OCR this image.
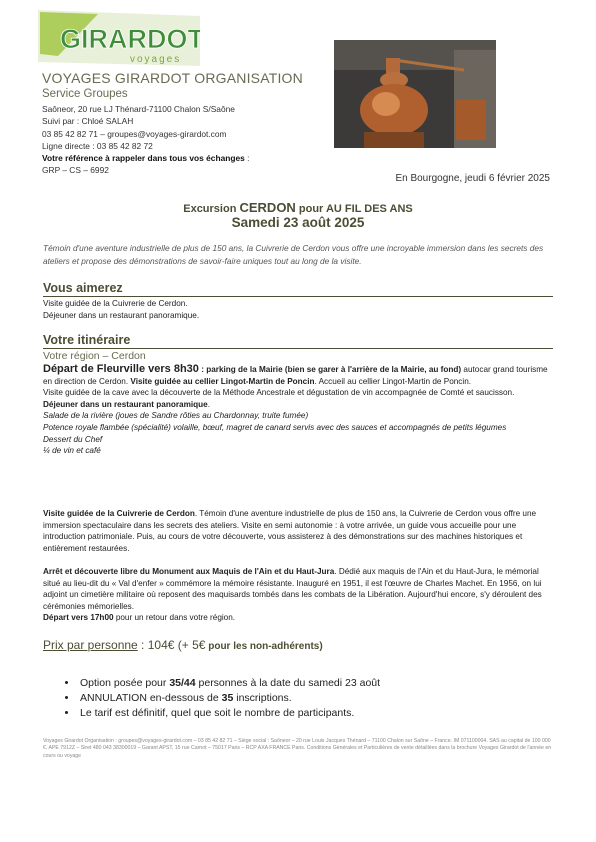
GIRARDOT
voyages
VOYAGES GIRARDOT ORGANISATION
Service Groupes
Saôneor, 20 rue LJ Thénard-71100 Chalon S/Saône
Suivi par : Chloé SALAH
03 85 42 82 71 – groupes@voyages-girardot.com
Ligne directe : 03 85 42 82 72
Votre référence à rappeler dans tous vos échanges :
GRP – CS – 6992
En Bourgogne, jeudi 6 février 2025
Excursion CERDON pour AU FIL DES ANS
Samedi 23 août 2025
Témoin d'une aventure industrielle de plus de 150 ans, la Cuivrerie de Cerdon vous offre une incroyable immersion dans les secrets des ateliers et propose des démonstrations de savoir-faire uniques tout au long de la visite.
Vous aimerez
Visite guidée de la Cuivrerie de Cerdon.
Déjeuner dans un restaurant panoramique.
Votre itinéraire
Votre région – Cerdon
Départ de Fleurville vers 8h30 : parking de la Mairie (bien se garer à l'arrière de la Mairie, au fond) autocar grand tourisme en direction de Cerdon. Visite guidée au cellier Lingot-Martin de Poncin. Accueil au cellier Lingot-Martin de Poncin.
Visite guidée de la cave avec la découverte de la Méthode Ancestrale et dégustation de vin accompagnée de Comté et saucisson.
Déjeuner dans un restaurant panoramique.
Salade de la rivière (joues de Sandre rôties au Chardonnay, truite fumée)
Potence royale flambée (spécialité) volaille, bœuf, magret de canard servis avec des sauces et accompagnés de petits légumes
Dessert du Chef
¼ de vin et café
Visite guidée de la Cuivrerie de Cerdon. Témoin d'une aventure industrielle de plus de 150 ans, la Cuivrerie de Cerdon vous offre une immersion spectaculaire dans les secrets des ateliers. Visite en semi autonomie : à votre arrivée, un guide vous accueille pour une introduction patrimoniale. Puis, au cours de votre découverte, vous assisterez à des démonstrations sur des machines historiques et entièrement restaurées.
Arrêt et découverte libre du Monument aux Maquis de l'Ain et du Haut-Jura. Dédié aux maquis de l'Ain et du Haut-Jura, le mémorial situé au lieu-dit du « Val d'enfer » commémore la mémoire résistante. Inauguré en 1951, il est l'œuvre de Charles Machet. En 1956, on lui adjoint un cimetière militaire où reposent des maquisards tombés dans les combats de la Libération. Aujourd'hui encore, s'y déroulent des cérémonies mémorielles.
Départ vers 17h00 pour un retour dans votre région.
Prix par personne : 104€ (+ 5€ pour les non-adhérents)
• Option posée pour 35/44 personnes à la date du samedi 23 août
• ANNULATION en-dessous de 35 inscriptions.
• Le tarif est définitif, quel que soit le nombre de participants.
Voyages Girardot Organisation : groupes@voyages-girardot.com – 03 85 42 82 71 – Siège social : Saôneor – 20 rue Louis Jacques Thénard – 71100 Chalon sur Saône – France. IM 071100004. SAS au capital de 100 000 €. APE 7912Z – Siret 480 043 38300019 – Garant APST, 15 rue Carnot – 75017 Paris – RCP AXA FRANCE Paris. Conditions Générales et Particulières de vente détaillées dans la brochure Voyages Girardot de l'année en cours ou voyage
